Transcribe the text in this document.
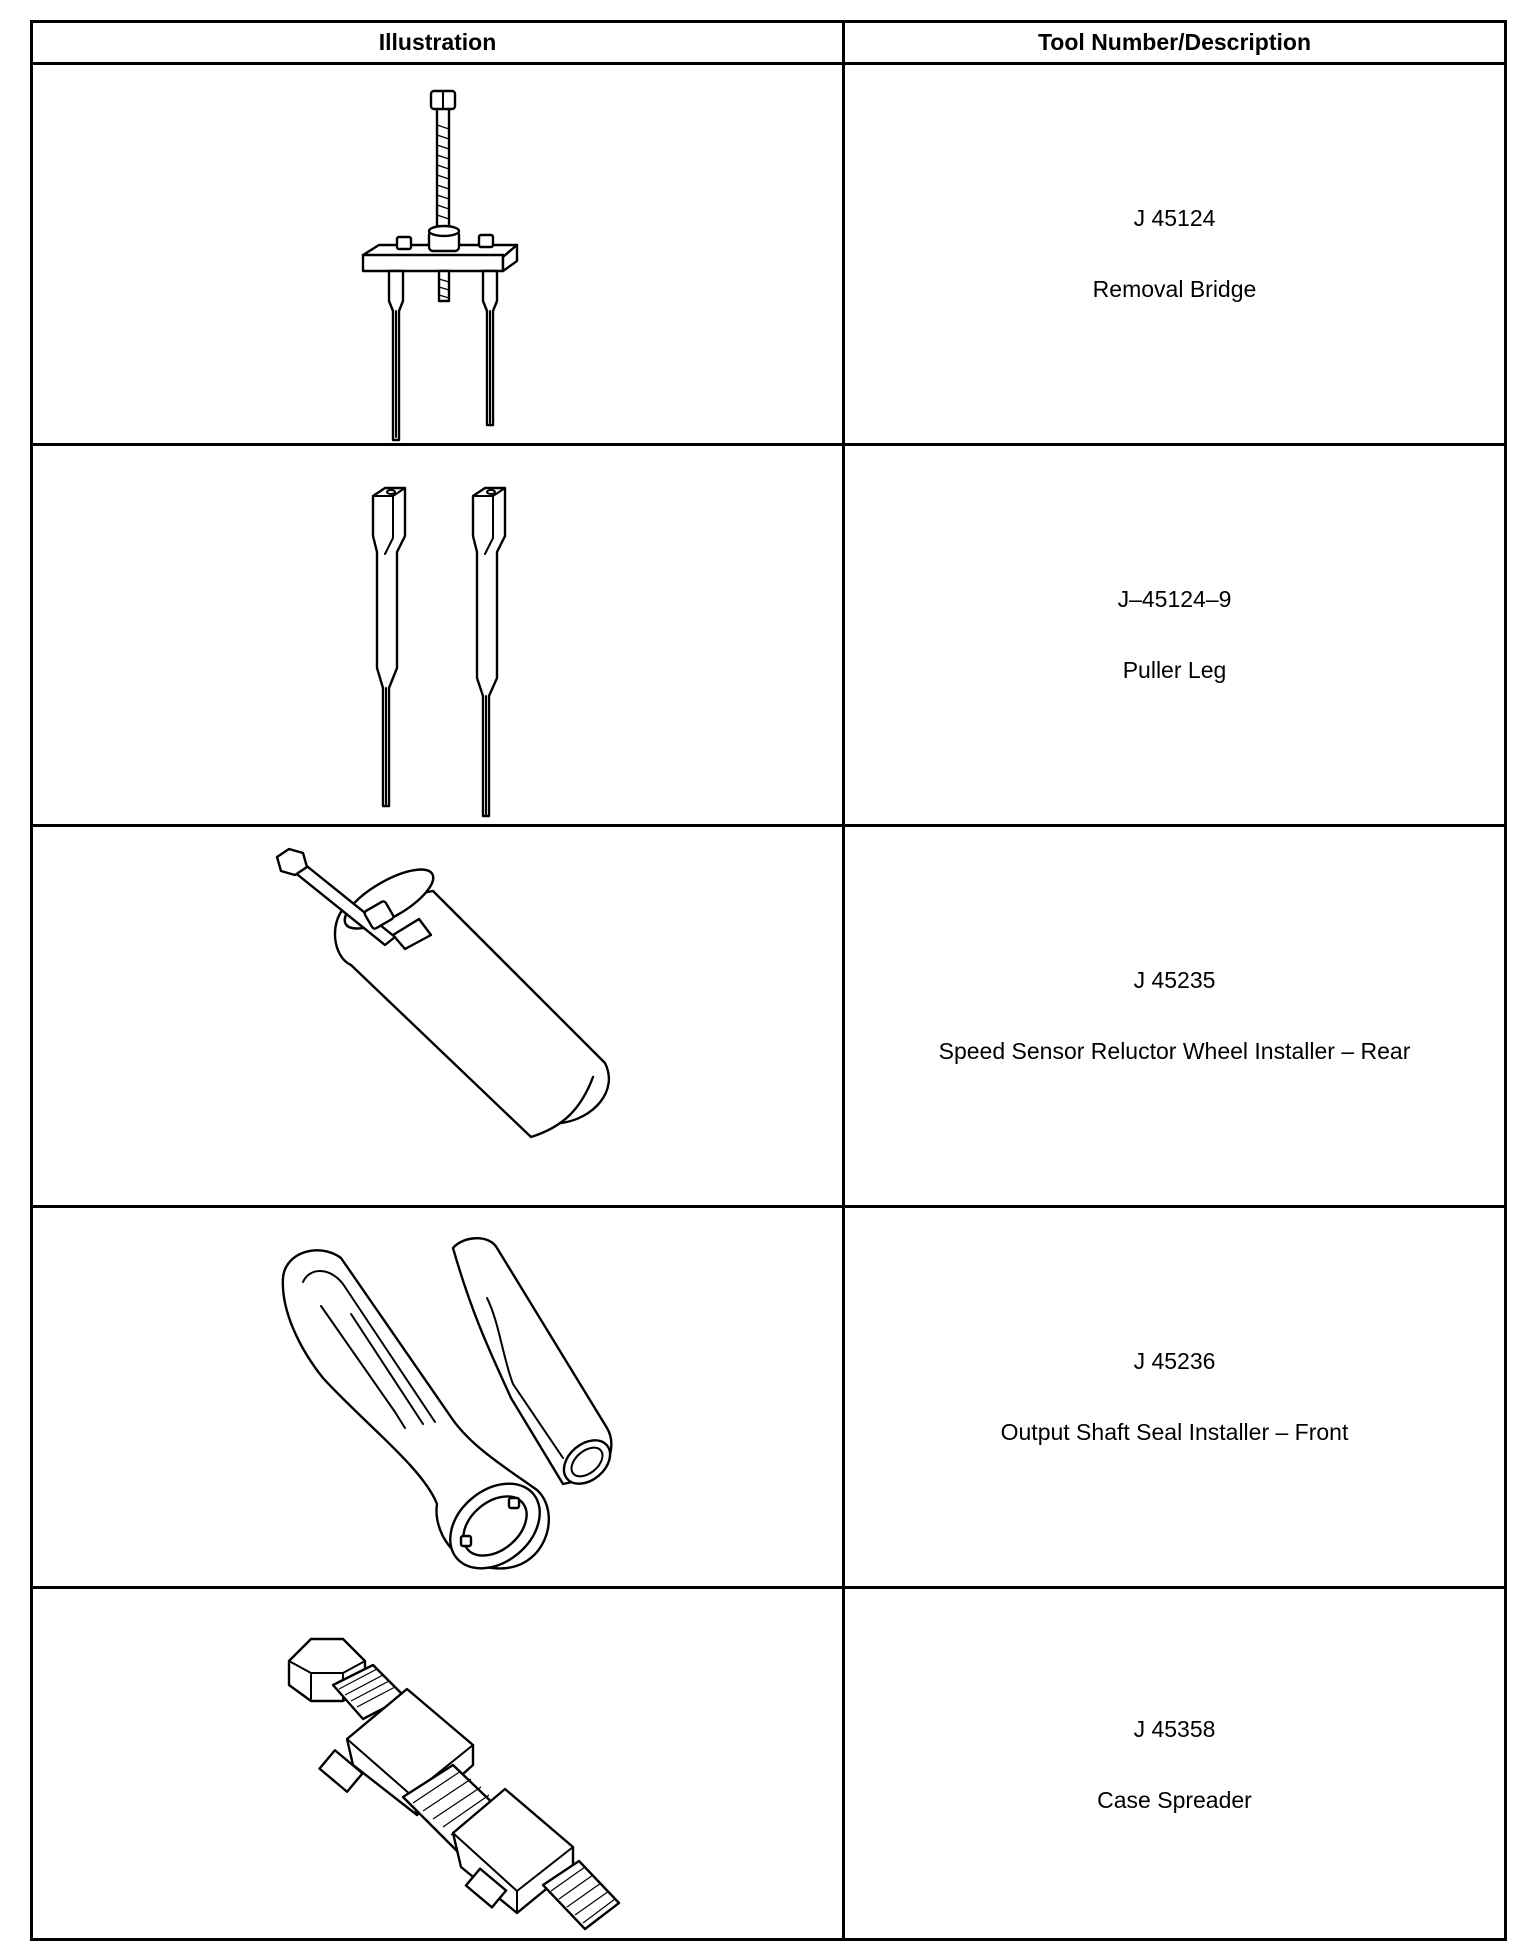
Illustration	Tool Number/Description
J 45124
Removal Bridge
J–45124–9
Puller Leg
J 45235
Speed Sensor Reluctor Wheel Installer – Rear
J 45236
Output Shaft Seal Installer – Front
J 45358
Case Spreader
